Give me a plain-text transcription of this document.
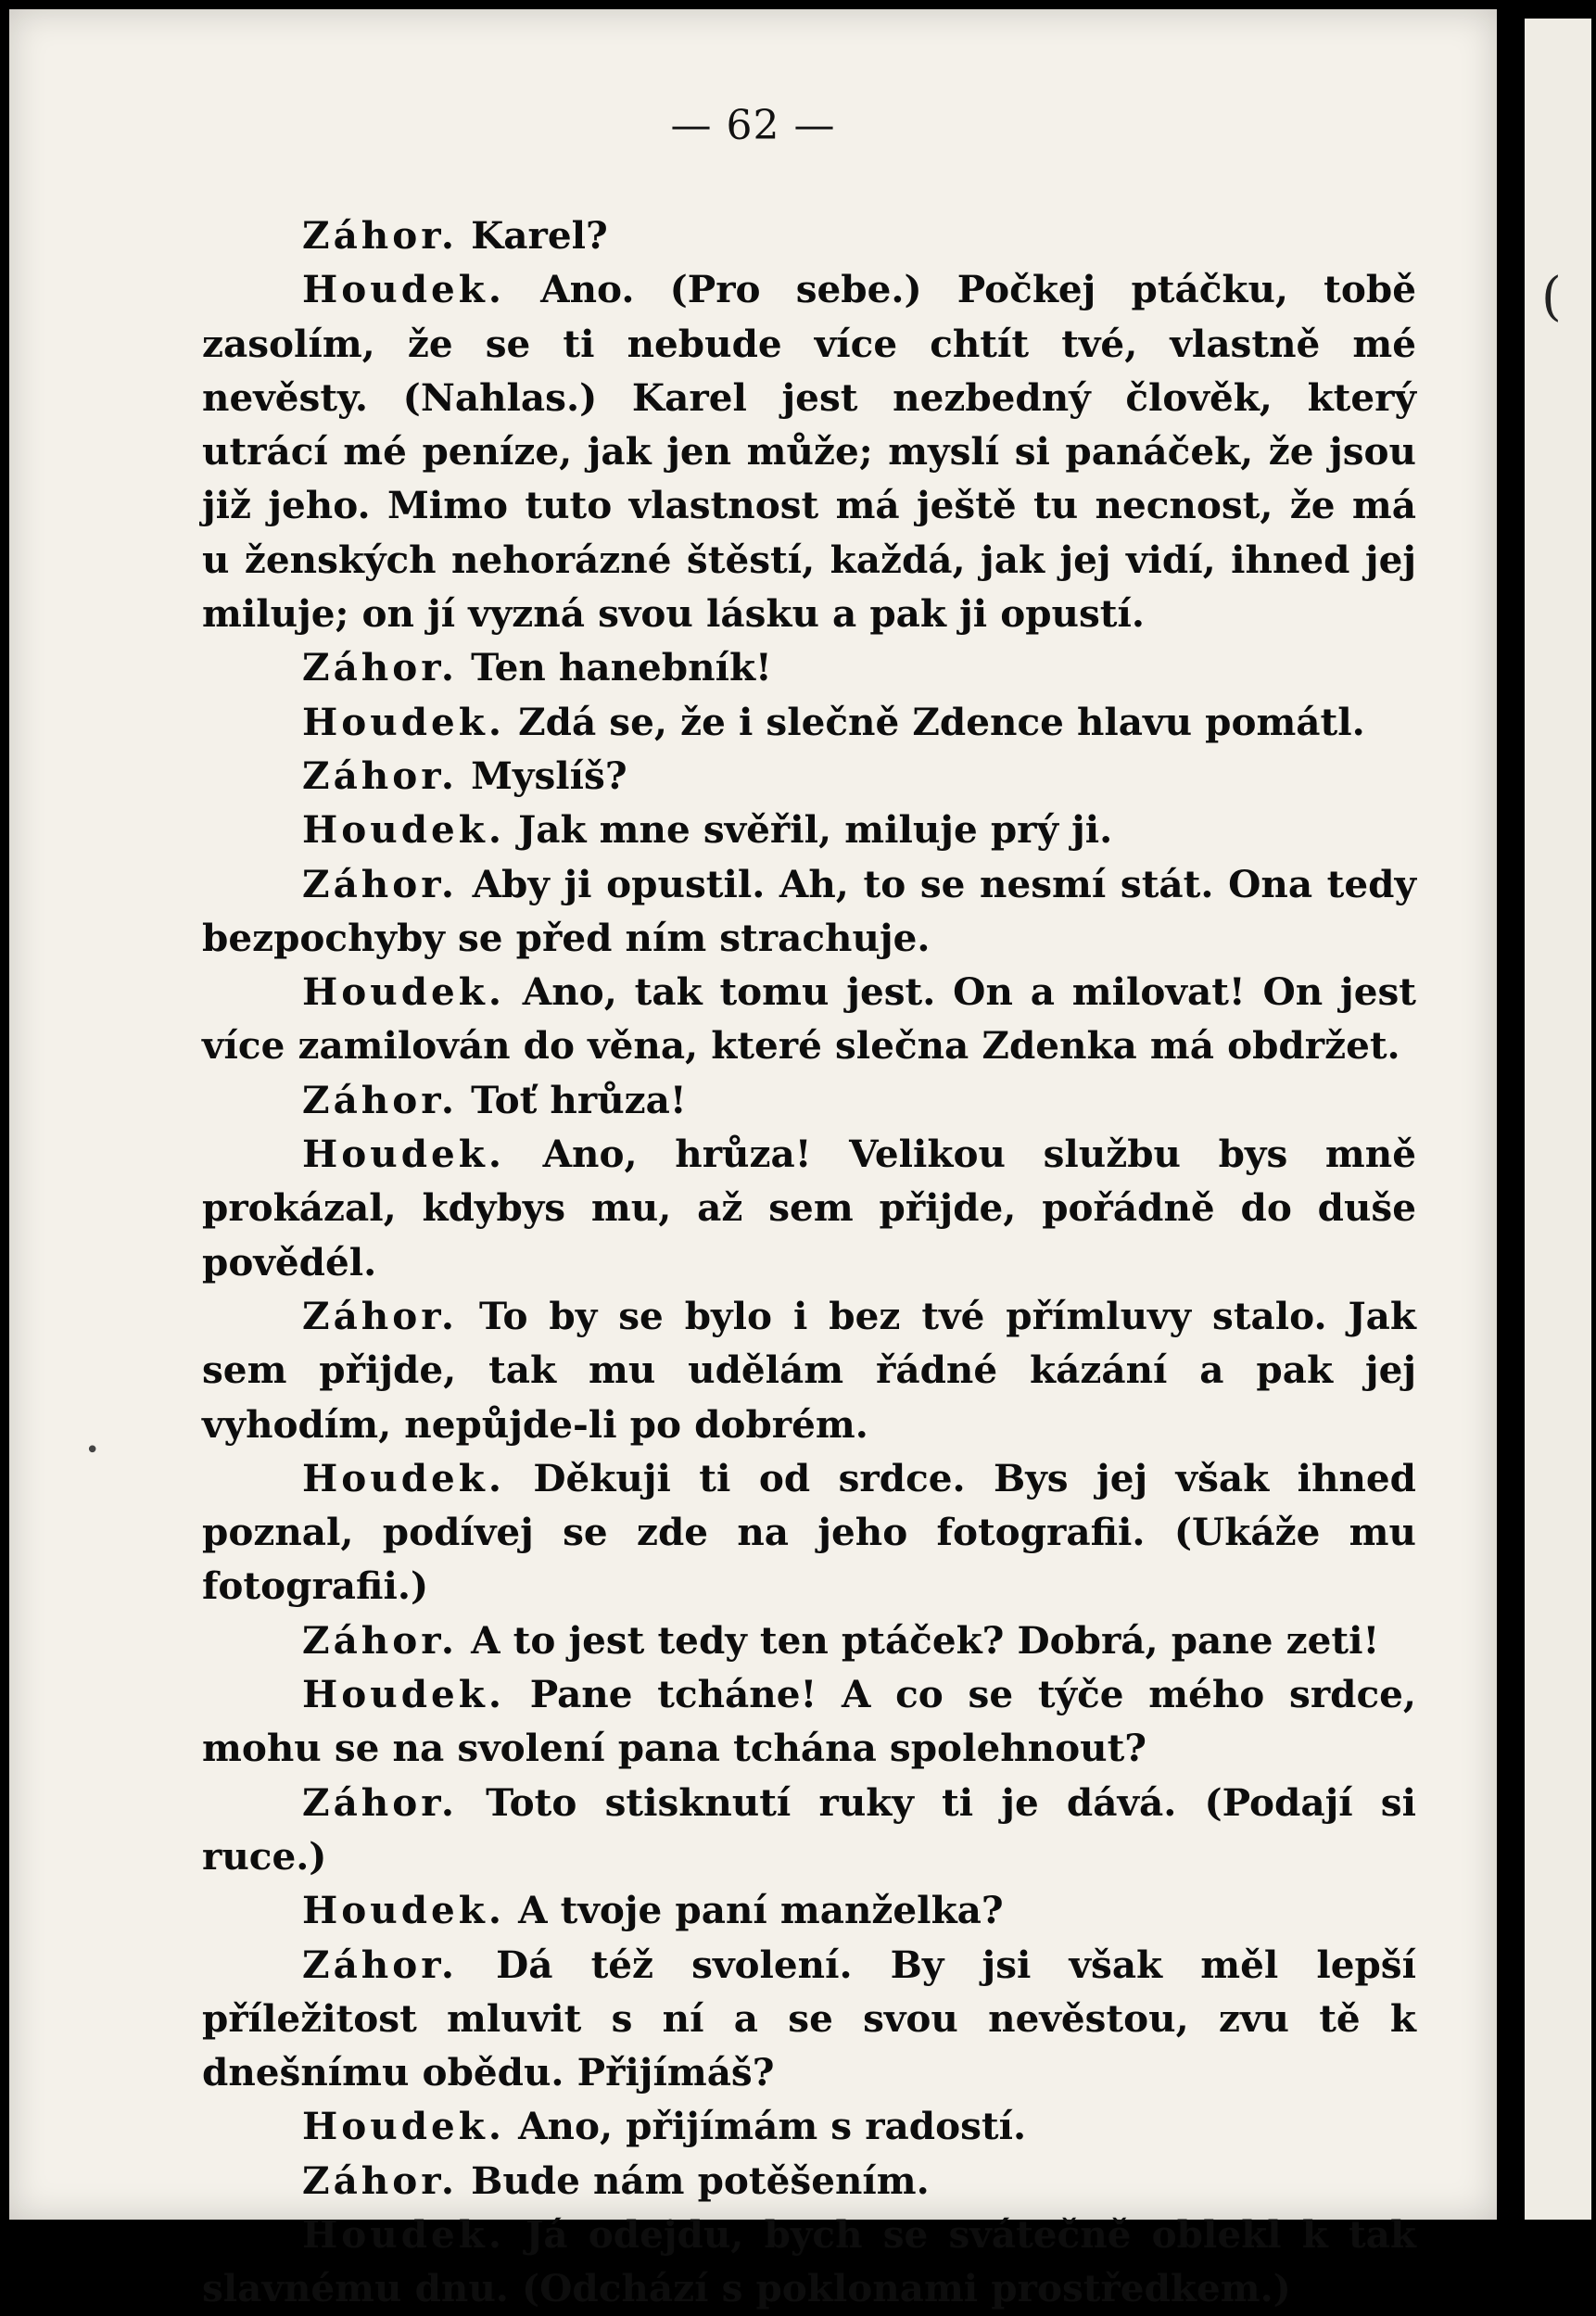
— 62 —

Záhor. Karel?

Houdek. Ano. (Pro sebe.) Počkej ptáčku, tobě zasolím, že se ti nebude více chtít tvé, vlastně mé nevěsty. (Nahlas.) Karel jest nezbedný člověk, který utrácí mé peníze, jak jen může; myslí si panáček, že jsou již jeho. Mimo tuto vlastnost má ještě tu necnost, že má u ženských nehorázné štěstí, každá, jak jej vidí, ihned jej miluje; on jí vyzná svou lásku a pak ji opustí.

Záhor. Ten hanebník!

Houdek. Zdá se, že i slečně Zdence hlavu pomátl.

Záhor. Myslíš?

Houdek. Jak mne svěřil, miluje prý ji.

Záhor. Aby ji opustil. Ah, to se nesmí stát. Ona tedy bezpochyby se před ním strachuje.

Houdek. Ano, tak tomu jest. On a milovat! On jest více zamilován do věna, které slečna Zdenka má obdržet.

Záhor. Toť hrůza!

Houdek. Ano, hrůza! Velikou službu bys mně prokázal, kdybys mu, až sem přijde, pořádně do duše povědél.

Záhor. To by se bylo i bez tvé přímluvy stalo. Jak sem přijde, tak mu udělám řádné kázání a pak jej vyhodím, nepůjde-li po dobrém.

Houdek. Děkuji ti od srdce. Bys jej však ihned poznal, podívej se zde na jeho fotografii. (Ukáže mu fotografii.)

Záhor. A to jest tedy ten ptáček? Dobrá, pane zeti!

Houdek. Pane tcháne! A co se týče mého srdce, mohu se na svolení pana tchána spolehnout?

Záhor. Toto stisknutí ruky ti je dává. (Podají si ruce.)

Houdek. A tvoje paní manželka?

Záhor. Dá též svolení. By jsi však měl lepší příležitost mluvit s ní a se svou nevěstou, zvu tě k dnešnímu obědu. Přijímáš?

Houdek. Ano, přijímám s radostí.

Záhor. Bude nám potěšením.

Houdek. Já odejdu, bych se svátečně oblekl k tak slavnému dnu. (Odchází s poklonami prostředkem.)

•
(
